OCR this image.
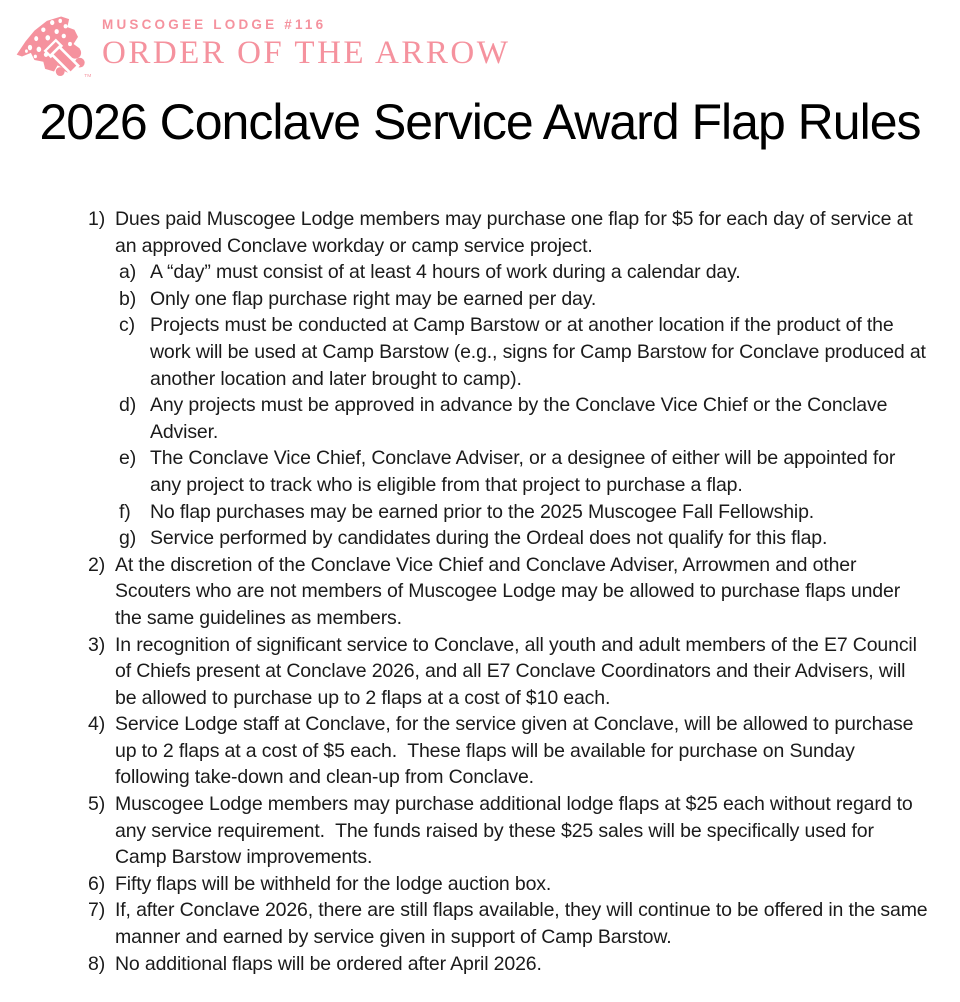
TM
MUSCOGEE LODGE #116
ORDER OF THE ARROW
2026 Conclave Service Award Flap Rules
1) Dues paid Muscogee Lodge members may purchase one flap for $5 for each day of service at an approved Conclave workday or camp service project.
a) A “day” must consist of at least 4 hours of work during a calendar day.
b) Only one flap purchase right may be earned per day.
c) Projects must be conducted at Camp Barstow or at another location if the product of the work will be used at Camp Barstow (e.g., signs for Camp Barstow for Conclave produced at another location and later brought to camp).
d) Any projects must be approved in advance by the Conclave Vice Chief or the Conclave Adviser.
e) The Conclave Vice Chief, Conclave Adviser, or a designee of either will be appointed for any project to track who is eligible from that project to purchase a flap.
f) No flap purchases may be earned prior to the 2025 Muscogee Fall Fellowship.
g) Service performed by candidates during the Ordeal does not qualify for this flap.
2) At the discretion of the Conclave Vice Chief and Conclave Adviser, Arrowmen and other Scouters who are not members of Muscogee Lodge may be allowed to purchase flaps under the same guidelines as members.
3) In recognition of significant service to Conclave, all youth and adult members of the E7 Council of Chiefs present at Conclave 2026, and all E7 Conclave Coordinators and their Advisers, will be allowed to purchase up to 2 flaps at a cost of $10 each.
4) Service Lodge staff at Conclave, for the service given at Conclave, will be allowed to purchase up to 2 flaps at a cost of $5 each.  These flaps will be available for purchase on Sunday following take-down and clean-up from Conclave.
5) Muscogee Lodge members may purchase additional lodge flaps at $25 each without regard to any service requirement.  The funds raised by these $25 sales will be specifically used for Camp Barstow improvements.
6) Fifty flaps will be withheld for the lodge auction box.
7) If, after Conclave 2026, there are still flaps available, they will continue to be offered in the same manner and earned by service given in support of Camp Barstow.
8) No additional flaps will be ordered after April 2026.
